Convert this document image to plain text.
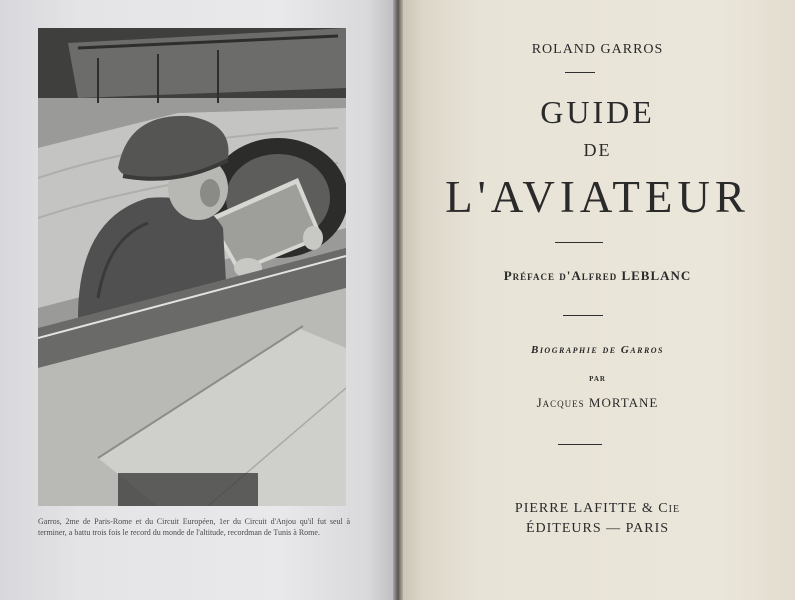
Garros, 2me de Paris-Rome et du Circuit Européen, 1er du Circuit d'Anjou qu'il fut seul à terminer, a battu trois fois le record du monde de l'altitude, recordman de Tunis à Rome.
ROLAND GARROS
GUIDE
DE
L'AVIATEUR
Préface d'Alfred LEBLANC
Biographie de Garros
par
Jacques MORTANE
PIERRE LAFITTE & Cie
ÉDITEURS — PARIS
